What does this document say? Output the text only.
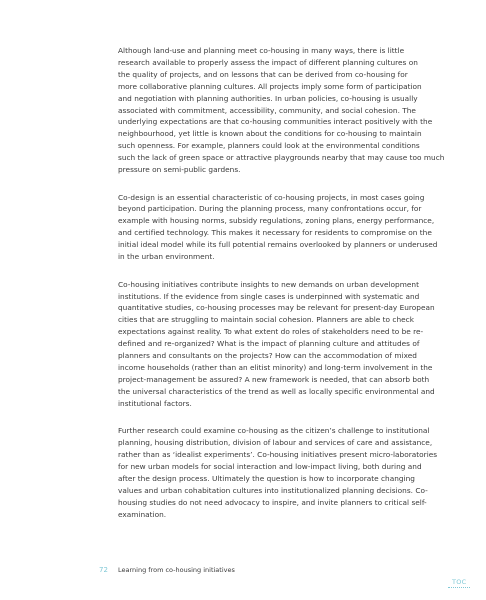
Although land-use and planning meet co-housing in many ways, there is little
research available to properly assess the impact of different planning cultures on
the quality of projects, and on lessons that can be derived from co-housing for
more collaborative planning cultures. All projects imply some form of participation
and negotiation with planning authorities. In urban policies, co-housing is usually
associated with commitment, accessibility, community, and social cohesion. The
underlying expectations are that co-housing communities interact positively with the
neighbourhood, yet little is known about the conditions for co-housing to maintain
such openness. For example, planners could look at the environmental conditions
such the lack of green space or attractive playgrounds nearby that may cause too much
pressure on semi-public gardens.

Co-design is an essential characteristic of co-housing projects, in most cases going
beyond participation. During the planning process, many confrontations occur, for
example with housing norms, subsidy regulations, zoning plans, energy performance,
and certified technology. This makes it necessary for residents to compromise on the
initial ideal model while its full potential remains overlooked by planners or underused
in the urban environment.

Co-housing initiatives contribute insights to new demands on urban development
institutions. If the evidence from single cases is underpinned with systematic and
quantitative studies, co-housing processes may be relevant for present-day European
cities that are struggling to maintain social cohesion. Planners are able to check
expectations against reality. To what extent do roles of stakeholders need to be re-
defined and re-organized? What is the impact of planning culture and attitudes of
planners and consultants on the projects? How can the accommodation of mixed
income households (rather than an elitist minority) and long-term involvement in the
project-management be assured? A new framework is needed, that can absorb both
the universal characteristics of the trend as well as locally specific environmental and
institutional factors.

Further research could examine co-housing as the citizen’s challenge to institutional
planning, housing distribution, division of labour and services of care and assistance,
rather than as ‘idealist experiments’. Co-housing initiatives present micro-laboratories
for new urban models for social interaction and low-impact living, both during and
after the design process. Ultimately the question is how to incorporate changing
values and urban cohabitation cultures into institutionalized planning decisions. Co-
housing studies do not need advocacy to inspire, and invite planners to critical self-
examination.

72 Learning from co-housing initiatives
TOC
